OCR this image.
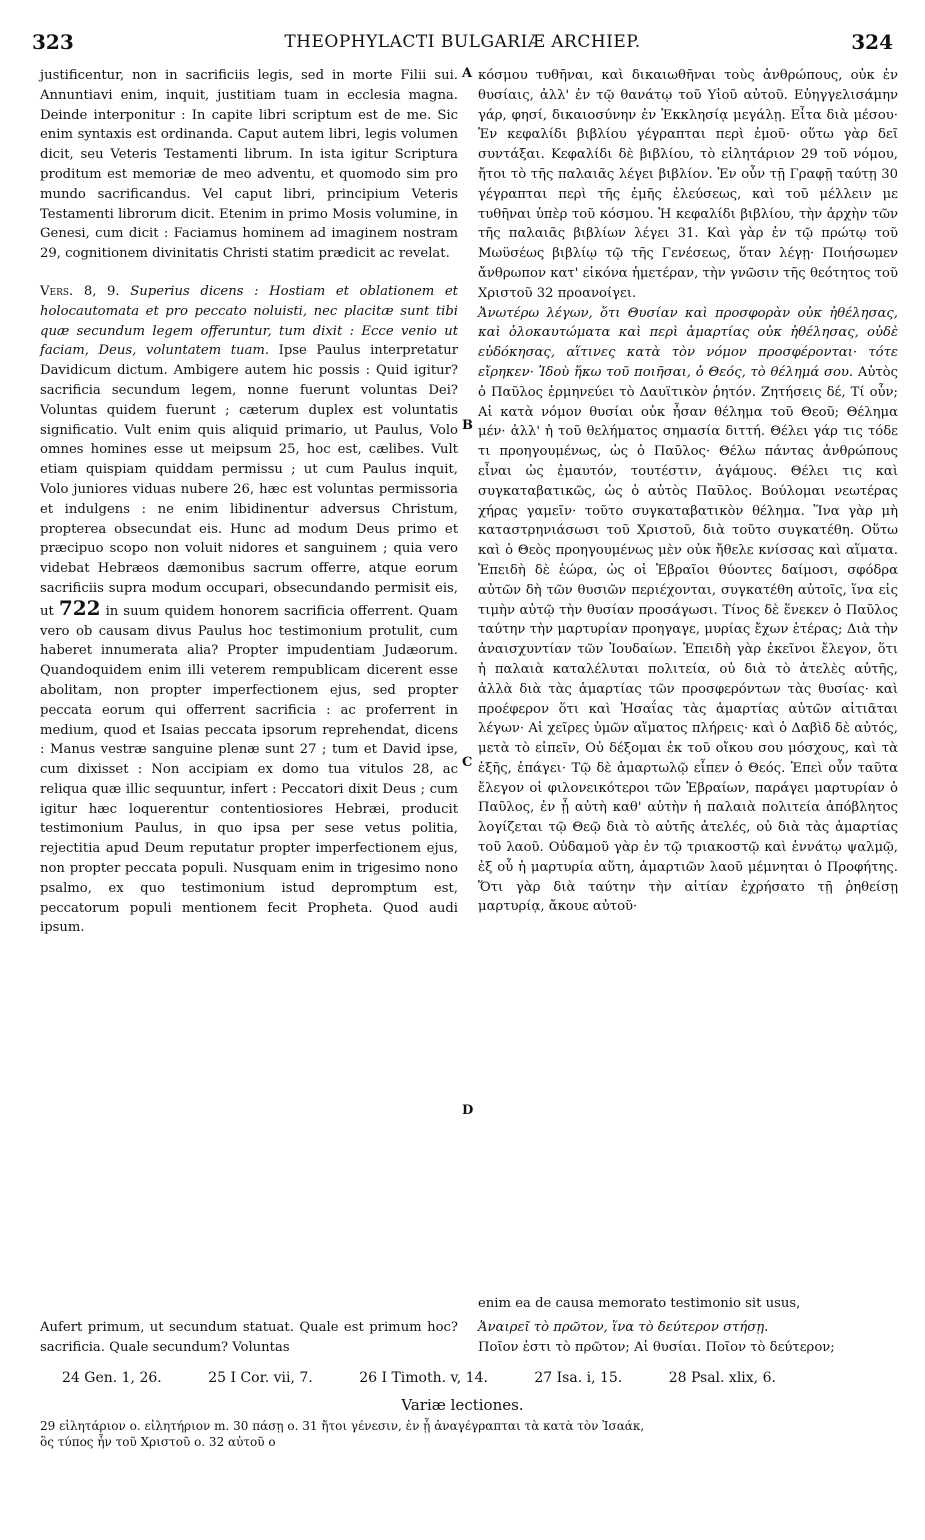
323	THEOPHYLACTI BULGARIÆ ARCHIEP.	324

justificentur, non in sacrificiis legis, sed in morte Filii sui. Annuntiavi enim, inquit, justitiam tuam in ecclesia magna. Deinde interponitur : In capite libri scriptum est de me. Sic enim syntaxis est ordinanda. Caput autem libri, legis volumen dicit, seu Veteris Testamenti librum. In ista igitur Scriptura proditum est memoriæ de meo adventu, et quomodo sim pro mundo sacrificandus. Vel caput libri, principium Veteris Testamenti librorum dicit. Etenim in primo Mosis volumine, in Genesi, cum dicit : Faciamus hominem ad imaginem nostram 29, cognitionem divinitatis Christi statim prædicit ac revelat.

Vers. 8, 9. Superius dicens : Hostiam et oblationem et holocautomata et pro peccato noluisti, nec placitæ sunt tibi quæ secundum legem offeruntur, tum dixit : Ecce venio ut faciam, Deus, voluntatem tuam. Ipse Paulus interpretatur Davidicum dictum. Ambigere autem hic possis : Quid igitur? sacrificia secundum legem, nonne fuerunt voluntas Dei? Voluntas quidem fuerunt ; cæterum duplex est voluntatis significatio. Vult enim quis aliquid primario, ut Paulus, Volo omnes homines esse ut meipsum 25, hoc est, cælibes. Vult etiam quispiam quiddam permissu ; ut cum Paulus inquit, Volo juniores viduas nubere 26, hæc est voluntas permissoria et indulgens : ne enim libidinentur adversus Christum, propterea obsecundat eis. Hunc ad modum Deus primo et præcipuo scopo non voluit nidores et sanguinem ; quia vero videbat Hebræos dæmonibus sacrum offerre, atque eorum sacrificiis supra modum occupari, obsecundando permisit eis, ut 722 in suum quidem honorem sacrificia offerrent. Quam vero ob causam divus Paulus hoc testimonium protulit, cum haberet innumerata alia? Propter impudentiam Judæorum. Quandoquidem enim illi veterem rempublicam dicerent esse abolitam, non propter imperfectionem ejus, sed propter peccata eorum qui offerrent sacrificia : ac proferrent in medium, quod et Isaias peccata ipsorum reprehendat, dicens : Manus vestræ sanguine plenæ sunt 27 ; tum et David ipse, cum dixisset : Non accipiam ex domo tua vitulos 28, ac reliqua quæ illic sequuntur, infert : Peccatori dixit Deus ; cum igitur hæc loquerentur contentiosiores Hebræi, producit testimonium Paulus, in quo ipsa per sese vetus politia, rejectitia apud Deum reputatur propter imperfectionem ejus, non propter peccata populi. Nusquam enim in trigesimo nono psalmo, ex quo testimonium istud depromptum est, peccatorum populi mentionem fecit Propheta. Quod audi ipsum.

A
B
C
D

κόσμου τυθῆναι, καὶ δικαιωθῆναι τοὺς ἀνθρώπους, οὐκ ἐν θυσίαις, ἀλλ' ἐν τῷ θανάτῳ τοῦ Υἱοῦ αὐτοῦ. Εὐηγγελισάμην γάρ, φησί, δικαιοσύνην ἐν Ἐκκλησίᾳ μεγάλῃ. Εἶτα διὰ μέσου· Ἐν κεφαλίδι βιβλίου γέγραπται περὶ ἐμοῦ· οὕτω γὰρ δεῖ συντάξαι. Κεφαλίδι δὲ βιβλίου, τὸ εἰλητάριον 29 τοῦ νόμου, ἤτοι τὸ τῆς παλαιᾶς λέγει βιβλίον. Ἐν οὖν τῇ Γραφῇ ταύτῃ 30 γέγραπται περὶ τῆς ἐμῆς ἐλεύσεως, καὶ τοῦ μέλλειν με τυθῆναι ὑπὲρ τοῦ κόσμου. Ἡ κεφαλίδι βιβλίου, τὴν ἀρχὴν τῶν τῆς παλαιᾶς βιβλίων λέγει 31. Καὶ γὰρ ἐν τῷ πρώτῳ τοῦ Μωϋσέως βιβλίῳ τῷ τῆς Γενέσεως, ὅταν λέγῃ· Ποιήσωμεν ἄνθρωπον κατ' εἰκόνα ἡμετέραν, τὴν γνῶσιν τῆς θεότητος τοῦ Χριστοῦ 32 προανοίγει.

Ἀνωτέρω λέγων, ὅτι Θυσίαν καὶ προσφορὰν οὐκ ἠθέλησας, καὶ ὁλοκαυτώματα καὶ περὶ ἁμαρτίας οὐκ ἠθέλησας, οὐδὲ εὐδόκησας, αἵτινες κατὰ τὸν νόμον προσφέρονται· τότε εἴρηκεν· Ἰδοὺ ἥκω τοῦ ποιῆσαι, ὁ Θεός, τὸ θέλημά σου. Αὐτὸς ὁ Παῦλος ἑρμηνεύει τὸ Δαυϊτικὸν ῥητόν. Ζητήσεις δέ, Τί οὖν; Αἱ κατὰ νόμον θυσίαι οὐκ ἦσαν θέλημα τοῦ Θεοῦ; Θέλημα μέν· ἀλλ' ἡ τοῦ θελήματος σημασία διττή. Θέλει γάρ τις τόδε τι προηγουμένως, ὡς ὁ Παῦλος· Θέλω πάντας ἀνθρώπους εἶναι ὡς ἐμαυτόν, τουτέστιν, ἀγάμους. Θέλει τις καὶ συγκαταβατικῶς, ὡς ὁ αὐτὸς Παῦλος. Βούλομαι νεωτέρας χήρας γαμεῖν· τοῦτο συγκαταβατικὸν θέλημα. Ἵνα γὰρ μὴ καταστρηνιάσωσι τοῦ Χριστοῦ, διὰ τοῦτο συγκατέθη. Οὕτω καὶ ὁ Θεὸς προηγουμένως μὲν οὐκ ἤθελε κνίσσας καὶ αἵματα. Ἐπειδὴ δὲ ἑώρα, ὡς οἱ Ἑβραῖοι θύοντες δαίμοσι, σφόδρα αὐτῶν δὴ τῶν θυσιῶν περιέχονται, συγκατέθη αὐτοῖς, ἵνα εἰς τιμὴν αὐτῷ τὴν θυσίαν προσάγωσι. Τίνος δὲ ἕνεκεν ὁ Παῦλος ταύτην τὴν μαρτυρίαν προηγαγε, μυρίας ἔχων ἑτέρας; Διὰ τὴν ἀναισχυντίαν τῶν Ἰουδαίων. Ἐπειδὴ γὰρ ἐκεῖνοι ἔλεγον, ὅτι ἡ παλαιὰ καταλέλυται πολιτεία, οὐ διὰ τὸ ἀτελὲς αὐτῆς, ἀλλὰ διὰ τὰς ἁμαρτίας τῶν προσφερόντων τὰς θυσίας· καὶ προέφερον ὅτι καὶ Ἠσαΐας τὰς ἁμαρτίας αὐτῶν αἰτιᾶται λέγων· Αἱ χεῖρες ὑμῶν αἵματος πλήρεις· καὶ ὁ Δαβὶδ δὲ αὐτός, μετὰ τὸ εἰπεῖν, Οὐ δέξομαι ἐκ τοῦ οἴκου σου μόσχους, καὶ τὰ ἑξῆς, ἐπάγει· Τῷ δὲ ἁμαρτωλῷ εἶπεν ὁ Θεός. Ἐπεὶ οὖν ταῦτα ἔλεγον οἱ φιλονεικότεροι τῶν Ἑβραίων, παράγει μαρτυρίαν ὁ Παῦλος, ἐν ᾗ αὐτὴ καθ' αὑτὴν ἡ παλαιὰ πολιτεία ἀπόβλητος λογίζεται τῷ Θεῷ διὰ τὸ αὐτῆς ἀτελές, οὐ διὰ τὰς ἁμαρτίας τοῦ λαοῦ. Οὐδαμοῦ γὰρ ἐν τῷ τριακοστῷ καὶ ἐννάτῳ ψαλμῷ, ἐξ οὗ ἡ μαρτυρία αὕτη, ἁμαρτιῶν λαοῦ μέμνηται ὁ Προφήτης. Ὅτι γὰρ διὰ ταύτην τὴν αἰτίαν ἐχρήσατο τῇ ῥηθείσῃ μαρτυρίᾳ, ἄκουε αὐτοῦ·

enim ea de causa memorato testimonio sit usus,
Aufert primum, ut secundum statuat. Quale est primum hoc? sacrificia. Quale secundum? Voluntas
Ἀναιρεῖ τὸ πρῶτον, ἵνα τὸ δεύτερον στήσῃ.
Ποῖον ἐστι τὸ πρῶτον; Αἱ θυσίαι. Ποῖον τὸ δεύτερον;
24 Gen. 1, 26.	25 I Cor. vii, 7.	26 I Timoth. v, 14.	27 Isa. i, 15.	28 Psal. xlix, 6.
Variæ lectiones.
29 εἰλητάριον ο. εἰλητήριον m. 30 πάσῃ ο. 31 ἤτοι γένεσιν, ἐν ᾗ ἀναγέγραπται τὰ κατὰ τὸν Ἰσαάκ,
ὃς τύπος ἦν τοῦ Χριστοῦ ο. 32 αὐτοῦ ο
